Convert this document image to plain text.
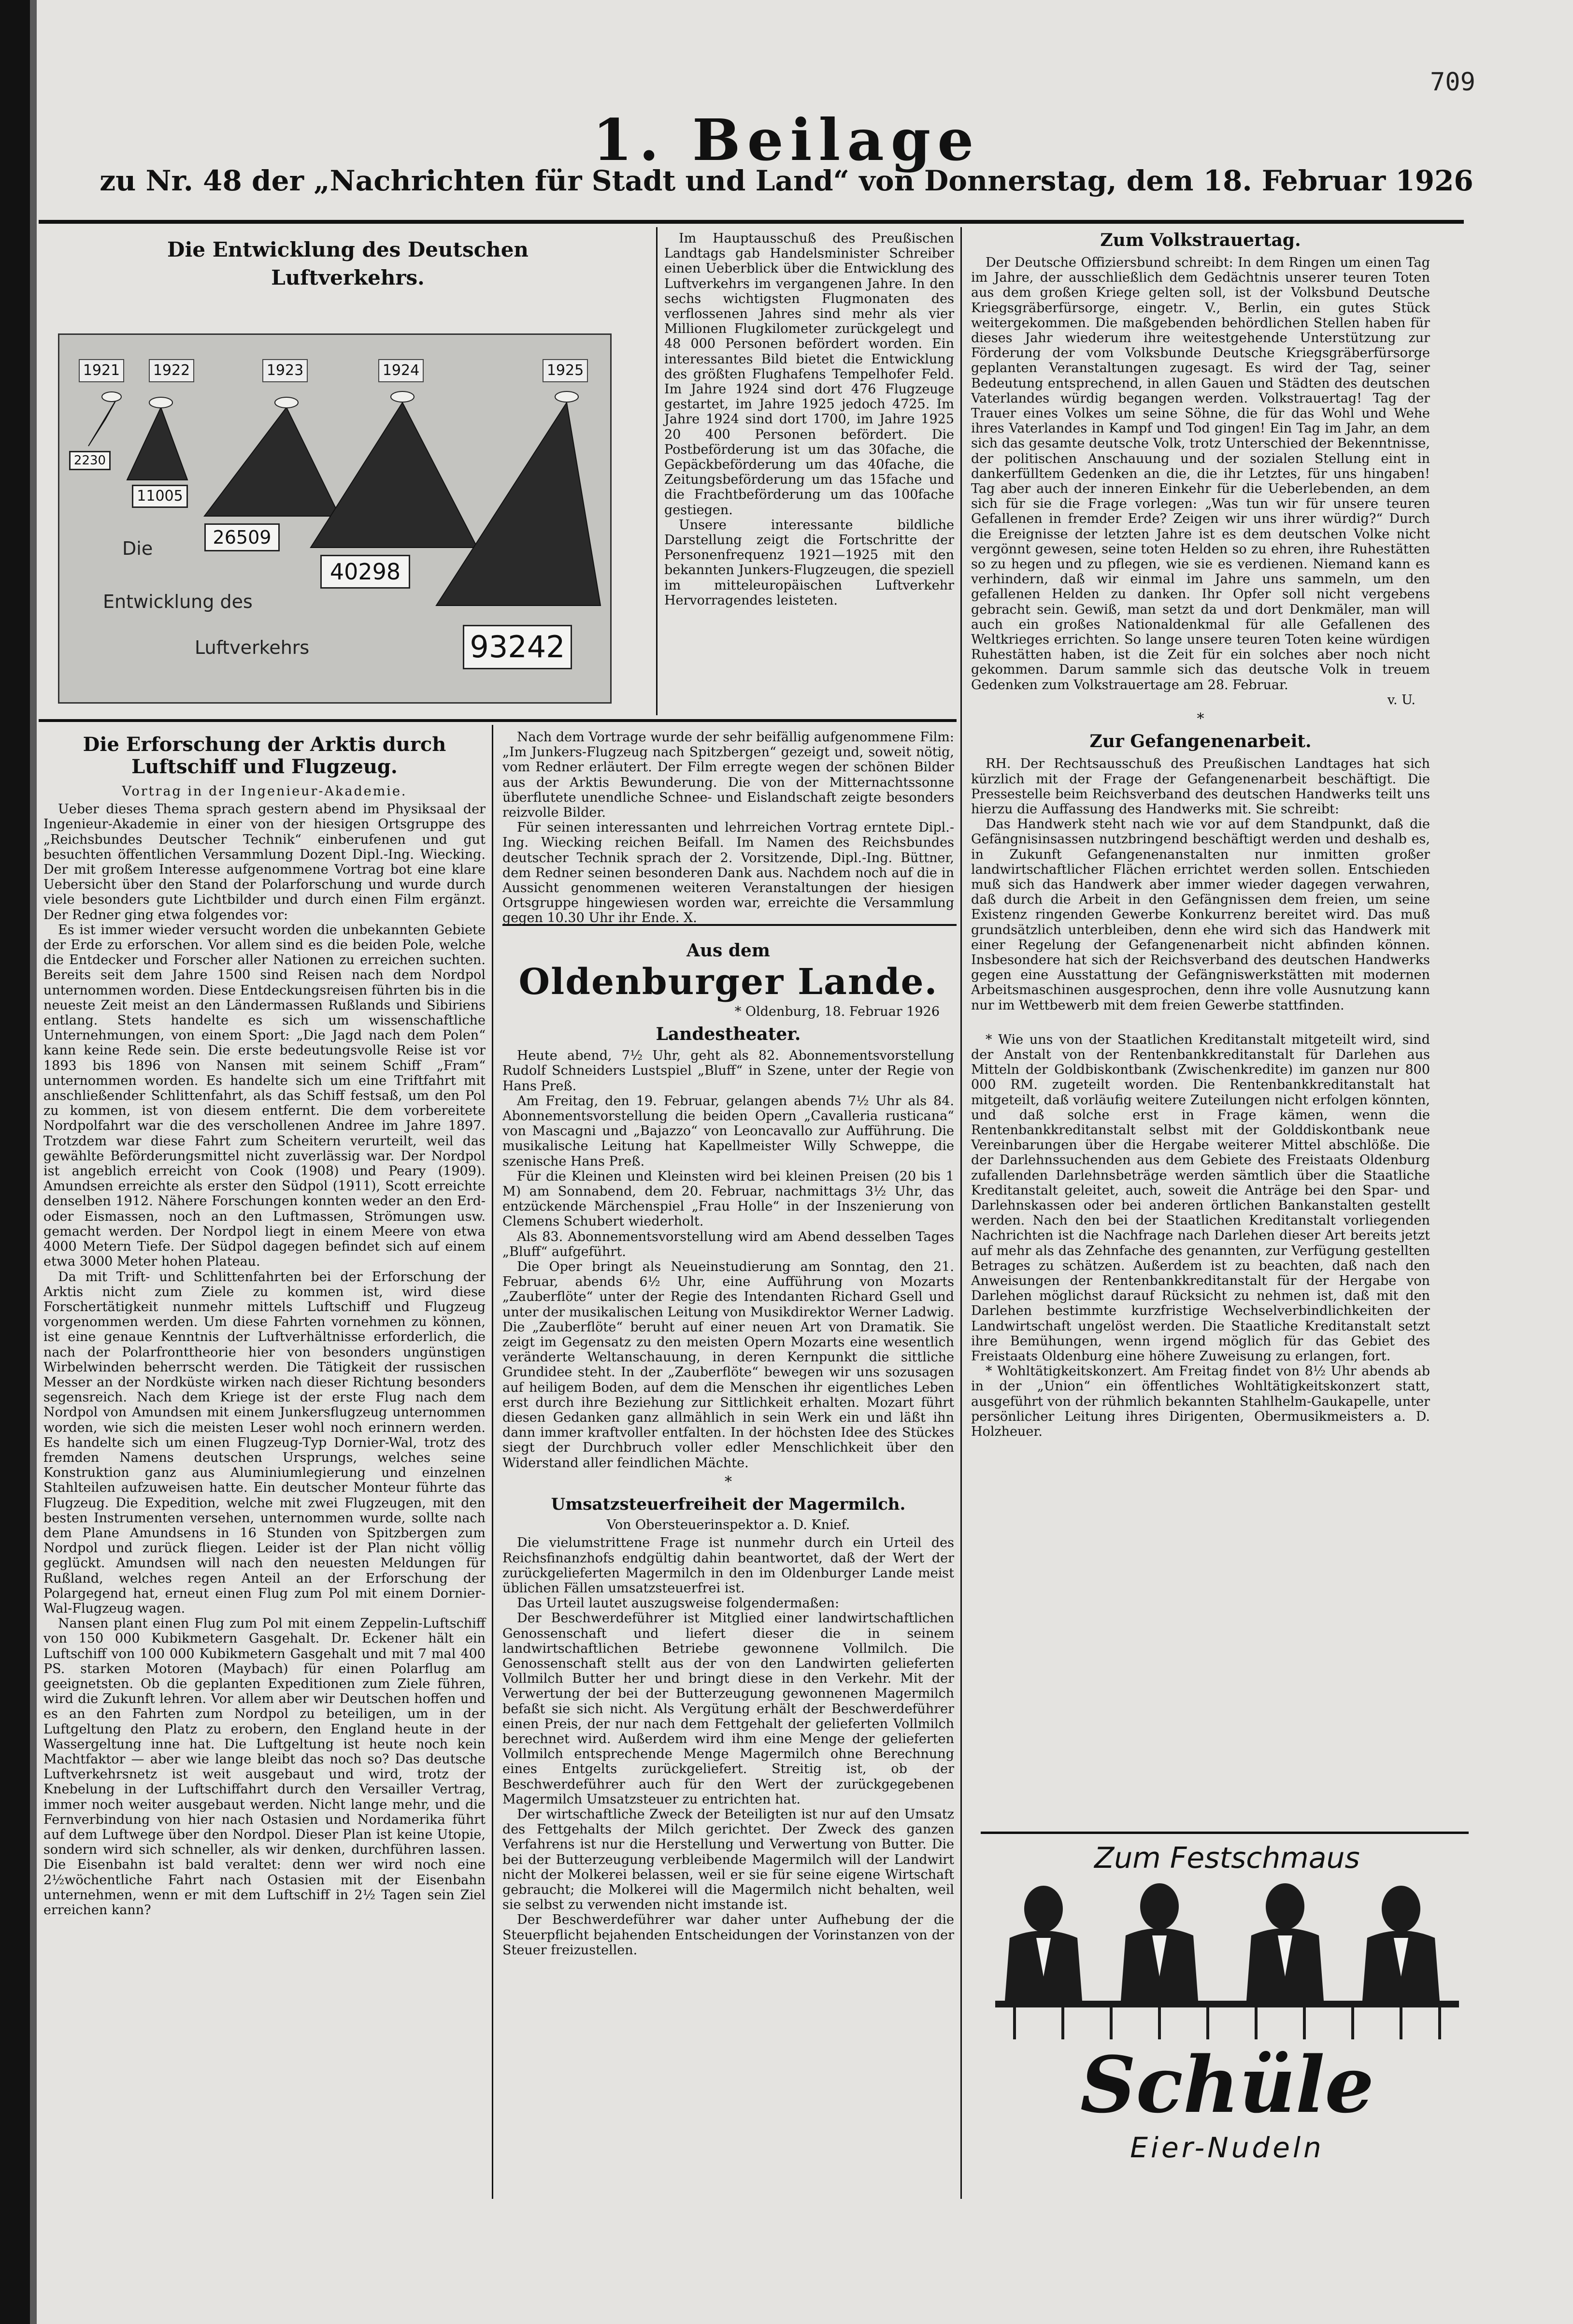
709
1. Beilage
zu Nr. 48 der „Nachrichten für Stadt und Land“ von Donnerstag, dem 18. Februar 1926
Die Entwicklung des Deutschen Luftverkehrs.
1921 1922	1923	1924	1925
2230
11005
26509
40298
93242
Die
Entwicklung des
Luftverkehrs

Im Hauptausschuß des Preußischen Landtags gab Handelsminister Schreiber einen Ueberblick über die Entwicklung des Luftverkehrs im vergangenen Jahre. In den sechs wichtigsten Flugmonaten des verflossenen Jahres sind mehr als vier Millionen Flugkilometer zurückgelegt und 48 000 Personen befördert worden. Ein interessantes Bild bietet die Entwicklung des größten Flughafens Tempelhofer Feld. Im Jahre 1924 sind dort 476 Flugzeuge gestartet, im Jahre 1925 jedoch 4725. Im Jahre 1924 sind dort 1700, im Jahre 1925 20 400 Personen befördert. Die Postbeförderung ist um das 30fache, die Gepäckbeförderung um das 40fache, die Zeitungsbeförderung um das 15fache und die Frachtbeförderung um das 100fache gestiegen.

Unsere interessante bildliche Darstellung zeigt die Fortschritte der Personenfrequenz 1921—1925 mit den bekannten Junkers-Flugzeugen, die speziell im mitteleuropäischen Luftverkehr Hervorragendes leisteten.

Die Erforschung der Arktis durch Luftschiff und Flugzeug.
Vortrag in der Ingenieur-Akademie.

Ueber dieses Thema sprach gestern abend im Physiksaal der Ingenieur-Akademie in einer von der hiesigen Ortsgruppe des „Reichsbundes Deutscher Technik“ einberufenen und gut besuchten öffentlichen Versammlung Dozent Dipl.-Ing. Wiecking. Der mit großem Interesse aufgenommene Vortrag bot eine klare Uebersicht über den Stand der Polarforschung und wurde durch viele besonders gute Lichtbilder und durch einen Film ergänzt. Der Redner ging etwa folgendes vor:

Es ist immer wieder versucht worden die unbekannten Gebiete der Erde zu erforschen. Vor allem sind es die beiden Pole, welche die Entdecker und Forscher aller Nationen zu erreichen suchten. Bereits seit dem Jahre 1500 sind Reisen nach dem Nordpol unternommen worden. Diese Entdeckungsreisen führten bis in die neueste Zeit meist an den Ländermassen Rußlands und Sibiriens entlang. Stets handelte es sich um wissenschaftliche Unternehmungen, von einem Sport: „Die Jagd nach dem Polen“ kann keine Rede sein. Die erste bedeutungsvolle Reise ist vor 1893 bis 1896 von Nansen mit seinem Schiff „Fram“ unternommen worden. Es handelte sich um eine Triftfahrt mit anschließender Schlittenfahrt, als das Schiff festsaß, um den Pol zu kommen, ist von diesem entfernt. Die dem vorbereitete Nordpolfahrt war die des verschollenen Andree im Jahre 1897. Trotzdem war diese Fahrt zum Scheitern verurteilt, weil das gewählte Beförderungsmittel nicht zuverlässig war. Der Nordpol ist angeblich erreicht von Cook (1908) und Peary (1909). Amundsen erreichte als erster den Südpol (1911), Scott erreichte denselben 1912. Nähere Forschungen konnten weder an den Erd- oder Eismassen, noch an den Luftmassen, Strömungen usw. gemacht werden. Der Nordpol liegt in einem Meere von etwa 4000 Metern Tiefe. Der Südpol dagegen befindet sich auf einem etwa 3000 Meter hohen Plateau.

Da mit Trift- und Schlittenfahrten bei der Erforschung der Arktis nicht zum Ziele zu kommen ist, wird diese Forschertätigkeit nunmehr mittels Luftschiff und Flugzeug vorgenommen werden. Um diese Fahrten vornehmen zu können, ist eine genaue Kenntnis der Luftverhältnisse erforderlich, die nach der Polarfronttheorie hier von besonders ungünstigen Wirbelwinden beherrscht werden. Die Tätigkeit der russischen Messer an der Nordküste wirken nach dieser Richtung besonders segensreich. Nach dem Kriege ist der erste Flug nach dem Nordpol von Amundsen mit einem Junkersflugzeug unternommen worden, wie sich die meisten Leser wohl noch erinnern werden. Es handelte sich um einen Flugzeug-Typ Dornier-Wal, trotz des fremden Namens deutschen Ursprungs, welches seine Konstruktion ganz aus Aluminiumlegierung und einzelnen Stahlteilen aufzuweisen hatte. Ein deutscher Monteur führte das Flugzeug. Die Expedition, welche mit zwei Flugzeugen, mit den besten Instrumenten versehen, unternommen wurde, sollte nach dem Plane Amundsens in 16 Stunden von Spitzbergen zum Nordpol und zurück fliegen. Leider ist der Plan nicht völlig geglückt. Amundsen will nach den neuesten Meldungen für Rußland, welches regen Anteil an der Erforschung der Polargegend hat, erneut einen Flug zum Pol mit einem Dornier-Wal-Flugzeug wagen.

Nansen plant einen Flug zum Pol mit einem Zeppelin-Luftschiff von 150 000 Kubikmetern Gasgehalt. Dr. Eckener hält ein Luftschiff von 100 000 Kubikmetern Gasgehalt und mit 7 mal 400 PS. starken Motoren (Maybach) für einen Polarflug am geeignetsten. Ob die geplanten Expeditionen zum Ziele führen, wird die Zukunft lehren. Vor allem aber wir Deutschen hoffen und es an den Fahrten zum Nordpol zu beteiligen, um in der Luftgeltung den Platz zu erobern, den England heute in der Wassergeltung inne hat. Die Luftgeltung ist heute noch kein Machtfaktor — aber wie lange bleibt das noch so? Das deutsche Luftverkehrsnetz ist weit ausgebaut und wird, trotz der Knebelung in der Luftschiffahrt durch den Versailler Vertrag, immer noch weiter ausgebaut werden. Nicht lange mehr, und die Fernverbindung von hier nach Ostasien und Nordamerika führt auf dem Luftwege über den Nordpol. Dieser Plan ist keine Utopie, sondern wird sich schneller, als wir denken, durchführen lassen. Die Eisenbahn ist bald veraltet: denn wer wird noch eine 2½wöchentliche Fahrt nach Ostasien mit der Eisenbahn unternehmen, wenn er mit dem Luftschiff in 2½ Tagen sein Ziel erreichen kann?

Nach dem Vortrage wurde der sehr beifällig aufgenommene Film: „Im Junkers-Flugzeug nach Spitzbergen“ gezeigt und, soweit nötig, vom Redner erläutert. Der Film erregte wegen der schönen Bilder aus der Arktis Bewunderung. Die von der Mitternachtssonne überflutete unendliche Schnee- und Eislandschaft zeigte besonders reizvolle Bilder.

Für seinen interessanten und lehrreichen Vortrag erntete Dipl.-Ing. Wiecking reichen Beifall. Im Namen des Reichsbundes deutscher Technik sprach der 2. Vorsitzende, Dipl.-Ing. Büttner, dem Redner seinen besonderen Dank aus. Nachdem noch auf die in Aussicht genommenen weiteren Veranstaltungen der hiesigen Ortsgruppe hingewiesen worden war, erreichte die Versammlung gegen 10.30 Uhr ihr Ende. X.

Aus dem
Oldenburger Lande.
* Oldenburg, 18. Februar 1926
Landestheater.

Heute abend, 7½ Uhr, geht als 82. Abonnementsvorstellung Rudolf Schneiders Lustspiel „Bluff“ in Szene, unter der Regie von Hans Preß.

Am Freitag, den 19. Februar, gelangen abends 7½ Uhr als 84. Abonnementsvorstellung die beiden Opern „Cavalleria rusticana“ von Mascagni und „Bajazzo“ von Leoncavallo zur Aufführung. Die musikalische Leitung hat Kapellmeister Willy Schweppe, die szenische Hans Preß.

Für die Kleinen und Kleinsten wird bei kleinen Preisen (20 bis 1 M) am Sonnabend, dem 20. Februar, nachmittags 3½ Uhr, das entzückende Märchenspiel „Frau Holle“ in der Inszenierung von Clemens Schubert wiederholt.

Als 83. Abonnementsvorstellung wird am Abend desselben Tages „Bluff“ aufgeführt.

Die Oper bringt als Neueinstudierung am Sonntag, den 21. Februar, abends 6½ Uhr, eine Aufführung von Mozarts „Zauberflöte“ unter der Regie des Intendanten Richard Gsell und unter der musikalischen Leitung von Musikdirektor Werner Ladwig. Die „Zauberflöte“ beruht auf einer neuen Art von Dramatik. Sie zeigt im Gegensatz zu den meisten Opern Mozarts eine wesentlich veränderte Weltanschauung, in deren Kernpunkt die sittliche Grundidee steht. In der „Zauberflöte“ bewegen wir uns sozusagen auf heiligem Boden, auf dem die Menschen ihr eigentliches Leben erst durch ihre Beziehung zur Sittlichkeit erhalten. Mozart führt diesen Gedanken ganz allmählich in sein Werk ein und läßt ihn dann immer kraftvoller entfalten. In der höchsten Idee des Stückes siegt der Durchbruch voller edler Menschlichkeit über den Widerstand aller feindlichen Mächte.

*
Umsatzsteuerfreiheit der Magermilch.
Von Obersteuerinspektor a. D. Knief.

Die vielumstrittene Frage ist nunmehr durch ein Urteil des Reichsfinanzhofs endgültig dahin beantwortet, daß der Wert der zurückgelieferten Magermilch in den im Oldenburger Lande meist üblichen Fällen umsatzsteuerfrei ist.

Das Urteil lautet auszugsweise folgendermaßen:

Der Beschwerdeführer ist Mitglied einer landwirtschaftlichen Genossenschaft und liefert dieser die in seinem landwirtschaftlichen Betriebe gewonnene Vollmilch. Die Genossenschaft stellt aus der von den Landwirten gelieferten Vollmilch Butter her und bringt diese in den Verkehr. Mit der Verwertung der bei der Butterzeugung gewonnenen Magermilch befaßt sie sich nicht. Als Vergütung erhält der Beschwerdeführer einen Preis, der nur nach dem Fettgehalt der gelieferten Vollmilch berechnet wird. Außerdem wird ihm eine Menge der gelieferten Vollmilch entsprechende Menge Magermilch ohne Berechnung eines Entgelts zurückgeliefert. Streitig ist, ob der Beschwerdeführer auch für den Wert der zurückgegebenen Magermilch Umsatzsteuer zu entrichten hat.

Der wirtschaftliche Zweck der Beteiligten ist nur auf den Umsatz des Fettgehalts der Milch gerichtet. Der Zweck des ganzen Verfahrens ist nur die Herstellung und Verwertung von Butter. Die bei der Butterzeugung verbleibende Magermilch will der Landwirt nicht der Molkerei belassen, weil er sie für seine eigene Wirtschaft gebraucht; die Molkerei will die Magermilch nicht behalten, weil sie selbst zu verwenden nicht imstande ist.

Der Beschwerdeführer war daher unter Aufhebung der die Steuerpflicht bejahenden Entscheidungen der Vorinstanzen von der Steuer freizustellen.

Zum Volkstrauertag.

Der Deutsche Offiziersbund schreibt: In dem Ringen um einen Tag im Jahre, der ausschließlich dem Gedächtnis unserer teuren Toten aus dem großen Kriege gelten soll, ist der Volksbund Deutsche Kriegsgräberfürsorge, eingetr. V., Berlin, ein gutes Stück weitergekommen. Die maßgebenden behördlichen Stellen haben für dieses Jahr wiederum ihre weitestgehende Unterstützung zur Förderung der vom Volksbunde Deutsche Kriegsgräberfürsorge geplanten Veranstaltungen zugesagt. Es wird der Tag, seiner Bedeutung entsprechend, in allen Gauen und Städten des deutschen Vaterlandes würdig begangen werden. Volkstrauertag! Tag der Trauer eines Volkes um seine Söhne, die für das Wohl und Wehe ihres Vaterlandes in Kampf und Tod gingen! Ein Tag im Jahr, an dem sich das gesamte deutsche Volk, trotz Unterschied der Bekenntnisse, der politischen Anschauung und der sozialen Stellung eint in dankerfülltem Gedenken an die, die ihr Letztes, für uns hingaben! Tag aber auch der inneren Einkehr für die Ueberlebenden, an dem sich für sie die Frage vorlegen: „Was tun wir für unsere teuren Gefallenen in fremder Erde? Zeigen wir uns ihrer würdig?“ Durch die Ereignisse der letzten Jahre ist es dem deutschen Volke nicht vergönnt gewesen, seine toten Helden so zu ehren, ihre Ruhestätten so zu hegen und zu pflegen, wie sie es verdienen. Niemand kann es verhindern, daß wir einmal im Jahre uns sammeln, um den gefallenen Helden zu danken. Ihr Opfer soll nicht vergebens gebracht sein. Gewiß, man setzt da und dort Denkmäler, man will auch ein großes Nationaldenkmal für alle Gefallenen des Weltkrieges errichten. So lange unsere teuren Toten keine würdigen Ruhestätten haben, ist die Zeit für ein solches aber noch nicht gekommen. Darum sammle sich das deutsche Volk in treuem Gedenken zum Volkstrauertage am 28. Februar.

v. U.

*
Zur Gefangenenarbeit.

RH. Der Rechtsausschuß des Preußischen Landtages hat sich kürzlich mit der Frage der Gefangenenarbeit beschäftigt. Die Pressestelle beim Reichsverband des deutschen Handwerks teilt uns hierzu die Auffassung des Handwerks mit. Sie schreibt:

Das Handwerk steht nach wie vor auf dem Standpunkt, daß die Gefängnisinsassen nutzbringend beschäftigt werden und deshalb es, in Zukunft Gefangenenanstalten nur inmitten großer landwirtschaftlicher Flächen errichtet werden sollen. Entschieden muß sich das Handwerk aber immer wieder dagegen verwahren, daß durch die Arbeit in den Gefängnissen dem freien, um seine Existenz ringenden Gewerbe Konkurrenz bereitet wird. Das muß grundsätzlich unterbleiben, denn ehe wird sich das Handwerk mit einer Regelung der Gefangenenarbeit nicht abfinden können. Insbesondere hat sich der Reichsverband des deutschen Handwerks gegen eine Ausstattung der Gefängniswerkstätten mit modernen Arbeitsmaschinen ausgesprochen, denn ihre volle Ausnutzung kann nur im Wettbewerb mit dem freien Gewerbe stattfinden.

* Wie uns von der Staatlichen Kreditanstalt mitgeteilt wird, sind der Anstalt von der Rentenbankkreditanstalt für Darlehen aus Mitteln der Goldbiskontbank (Zwischenkredite) im ganzen nur 800 000 RM. zugeteilt worden. Die Rentenbankkreditanstalt hat mitgeteilt, daß vorläufig weitere Zuteilungen nicht erfolgen könnten, und daß solche erst in Frage kämen, wenn die Rentenbankkreditanstalt selbst mit der Golddiskontbank neue Vereinbarungen über die Hergabe weiterer Mittel abschlöße. Die der Darlehnssuchenden aus dem Gebiete des Freistaats Oldenburg zufallenden Darlehnsbeträge werden sämtlich über die Staatliche Kreditanstalt geleitet, auch, soweit die Anträge bei den Spar- und Darlehnskassen oder bei anderen örtlichen Bankanstalten gestellt werden. Nach den bei der Staatlichen Kreditanstalt vorliegenden Nachrichten ist die Nachfrage nach Darlehen dieser Art bereits jetzt auf mehr als das Zehnfache des genannten, zur Verfügung gestellten Betrages zu schätzen. Außerdem ist zu beachten, daß nach den Anweisungen der Rentenbankkreditanstalt für der Hergabe von Darlehen möglichst darauf Rücksicht zu nehmen ist, daß mit den Darlehen bestimmte kurzfristige Wechselverbindlichkeiten der Landwirtschaft ungelöst werden. Die Staatliche Kreditanstalt setzt ihre Bemühungen, wenn irgend möglich für das Gebiet des Freistaats Oldenburg eine höhere Zuweisung zu erlangen, fort.

* Wohltätigkeitskonzert. Am Freitag findet von 8½ Uhr abends ab in der „Union“ ein öffentliches Wohltätigkeitskonzert statt, ausgeführt von der rühmlich bekannten Stahlhelm-Gaukapelle, unter persönlicher Leitung ihres Dirigenten, Obermusikmeisters a. D. Holzheuer.

Zum Festschmaus
Schüle
Eier-Nudeln
